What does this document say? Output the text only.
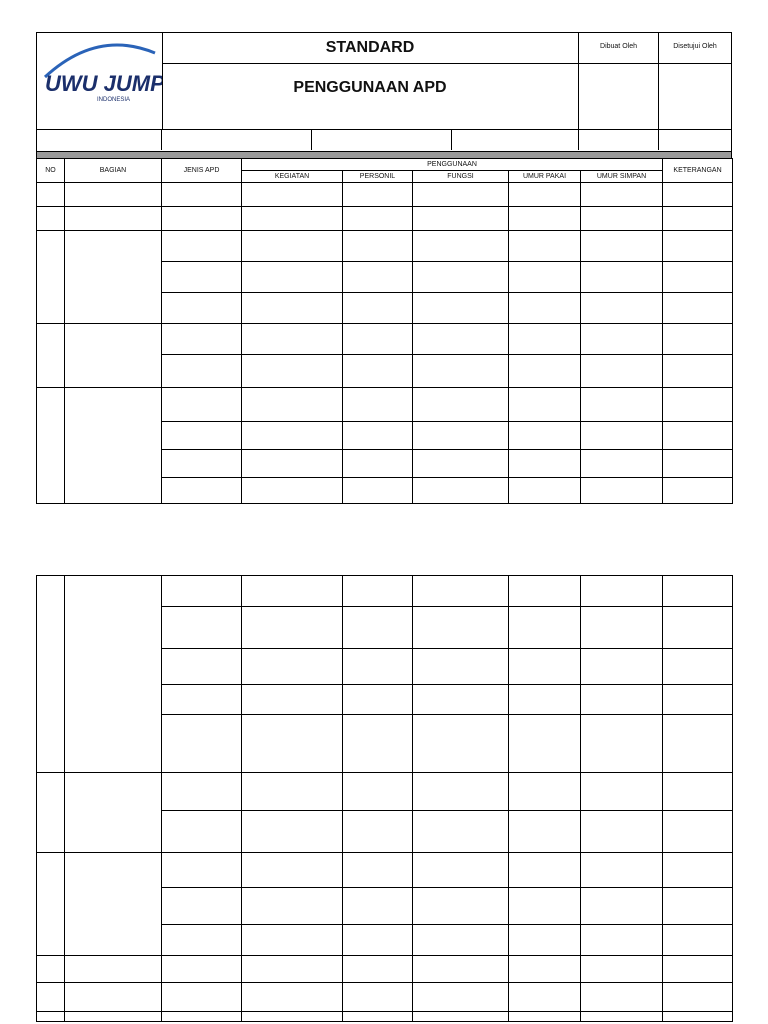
UWU JUMP
INDONESIA
STANDARD
PENGGUNAAN APD
Dibuat Oleh	Disetujui Oleh
NO	BAGIAN	JENIS APD	PENGGUNAAN					KETERANGAN
			KEGIATAN	PERSONIL	FUNGSI	UMUR PAKAI	UMUR SIMPAN	
